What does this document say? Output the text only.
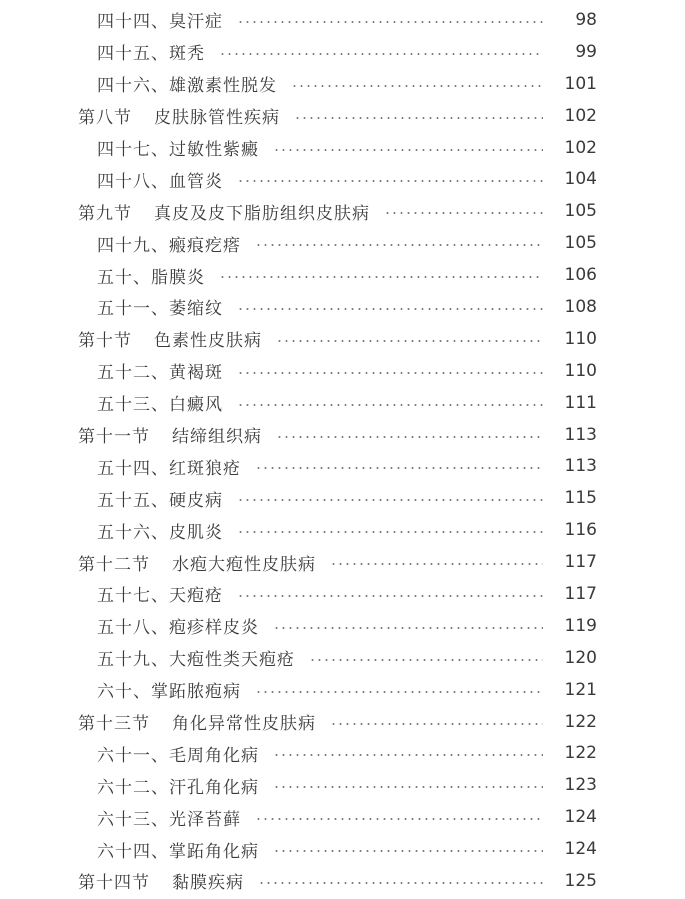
四十四、臭汗症	98
四十五、斑秃	99
四十六、雄激素性脱发	101
第八节 皮肤脉管性疾病	102
四十七、过敏性紫癜	102
四十八、血管炎	104
第九节 真皮及皮下脂肪组织皮肤病	105
四十九、瘢痕疙瘩	105
五十、脂膜炎	106
五十一、萎缩纹	108
第十节 色素性皮肤病	110
五十二、黄褐斑	110
五十三、白癜风	111
第十一节 结缔组织病	113
五十四、红斑狼疮	113
五十五、硬皮病	115
五十六、皮肌炎	116
第十二节 水疱大疱性皮肤病	117
五十七、天疱疮	117
五十八、疱疹样皮炎	119
五十九、大疱性类天疱疮	120
六十、掌跖脓疱病	121
第十三节 角化异常性皮肤病	122
六十一、毛周角化病	122
六十二、汗孔角化病	123
六十三、光泽苔藓	124
六十四、掌跖角化病	124
第十四节 黏膜疾病	125
